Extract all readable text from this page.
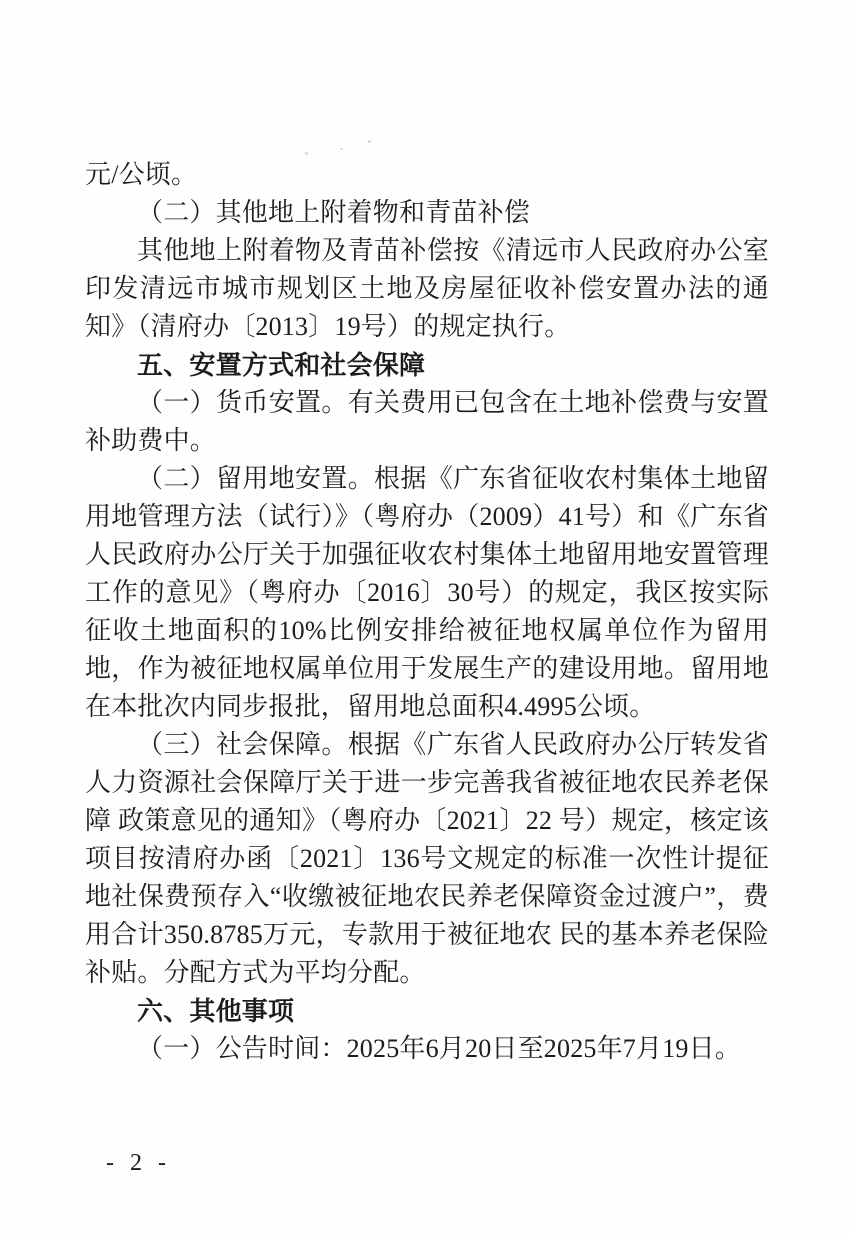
元/公顷。

（二）其他地上附着物和青苗补偿

其他地上附着物及青苗补偿按《清远市人民政府办公室印发清远市城市规划区土地及房屋征收补偿安置办法的通知》（清府办〔2013〕19号）的规定执行。

五、安置方式和社会保障

（一）货币安置。有关费用已包含在土地补偿费与安置补助费中。

（二）留用地安置。根据《广东省征收农村集体土地留用地管理方法（试行）》（粤府办（2009）41号）和《广东省人民政府办公厅关于加强征收农村集体土地留用地安置管理工作的意见》（粤府办〔2016〕30号）的规定，我区按实际征收土地面积的10%比例安排给被征地权属单位作为留用地，作为被征地权属单位用于发展生产的建设用地。留用地在本批次内同步报批，留用地总面积4.4995公顷。

（三）社会保障。根据《广东省人民政府办公厅转发省人力资源社会保障厅关于进一步完善我省被征地农民养老保障 政策意见的通知》（粤府办〔2021〕22 号）规定，核定该项目按清府办函〔2021〕136号文规定的标准一次性计提征地社保费预存入“收缴被征地农民养老保障资金过渡户”，费用合计350.8785万元，专款用于被征地农 民的基本养老保险补贴。分配方式为平均分配。

六、其他事项

（一）公告时间：2025年6月20日至2025年7月19日。

- 2 -
